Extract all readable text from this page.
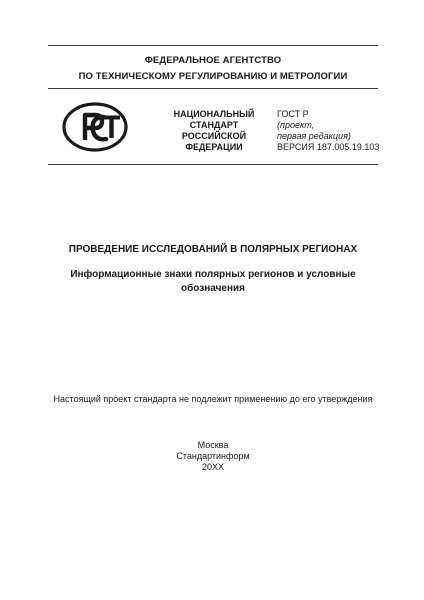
ФЕДЕРАЛЬНОЕ АГЕНТСТВО
ПО ТЕХНИЧЕСКОМУ РЕГУЛИРОВАНИЮ И МЕТРОЛОГИИ
НАЦИОНАЛЬНЫЙ
СТАНДАРТ
РОССИЙСКОЙ
ФЕДЕРАЦИИ
ГОСТ Р
(проект,
первая редакция)
ВЕРСИЯ 187.005.19.103
ПРОВЕДЕНИЕ ИССЛЕДОВАНИЙ В ПОЛЯРНЫХ РЕГИОНАХ
Информационные знаки полярных регионов и условные обозначения
Настоящий проект стандарта не подлежит применению до его утверждения
Москва
Стандартинформ
20XX
